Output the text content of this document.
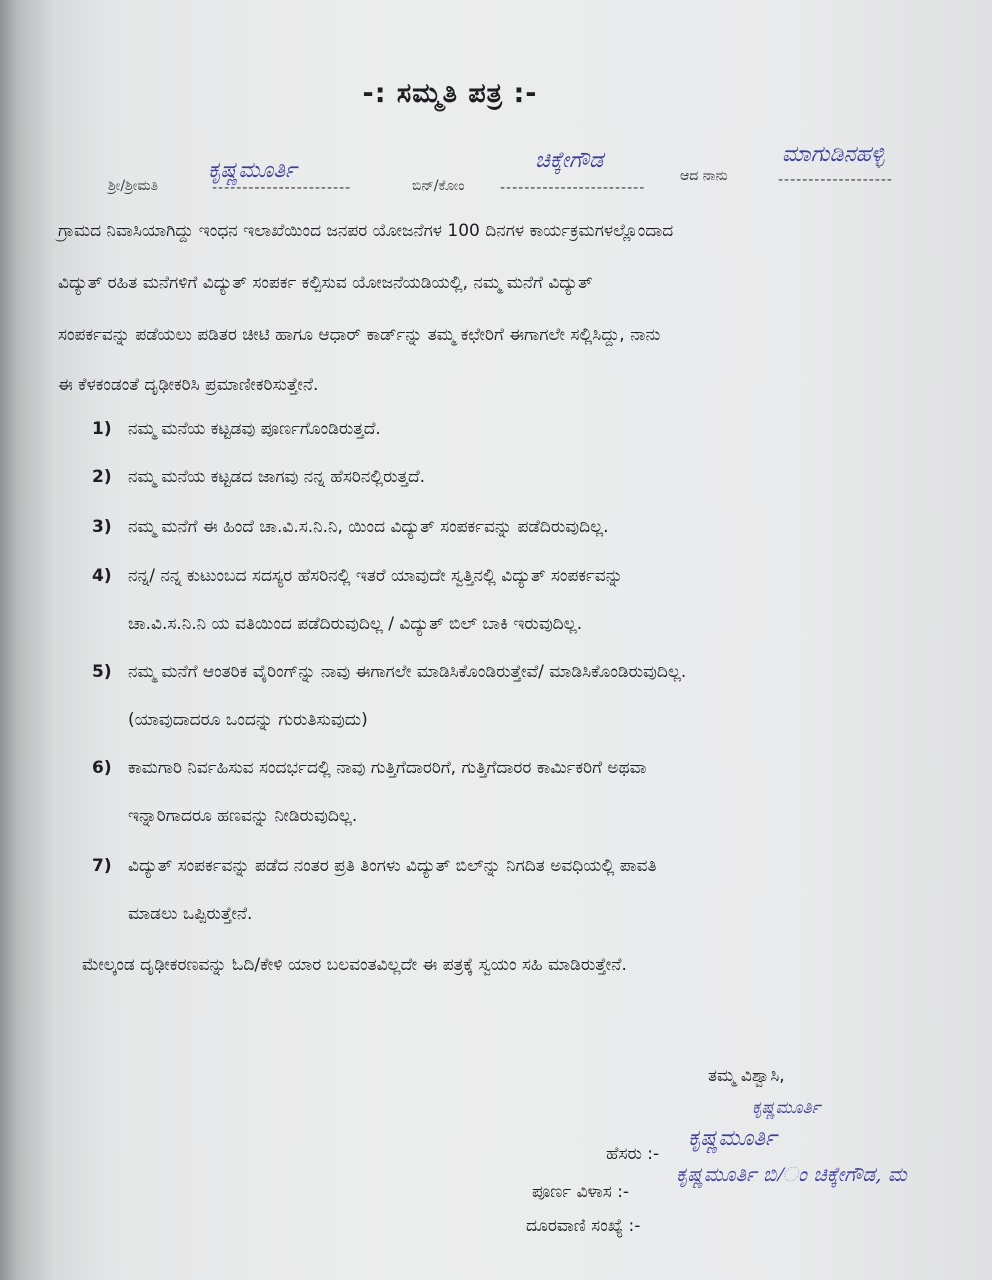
-: ಸಮ್ಮತಿ ಪತ್ರ :-
ಶ್ರೀ/ಶ್ರೀಮತಿ	-----------------------
ಕೃಷ್ಣಮೂರ್ತಿ
ಬಿನ್/ಕೋಂ	------------------------
ಚಿಕ್ಕೇಗೌಡ
ಆದ ನಾನು	-------------------
ಮಾಗುಡಿನಹಳ್ಳಿ
ಗ್ರಾಮದ ನಿವಾಸಿಯಾಗಿದ್ದು ಇಂಧನ ಇಲಾಖೆಯಿಂದ ಜನಪರ ಯೋಜನೆಗಳ 100 ದಿನಗಳ ಕಾರ್ಯಕ್ರಮಗಳಲ್ಲೊಂದಾದ
ವಿದ್ಯುತ್ ರಹಿತ ಮನೆಗಳಿಗೆ ವಿದ್ಯುತ್ ಸಂಪರ್ಕ ಕಲ್ಪಿಸುವ ಯೋಜನೆಯಡಿಯಲ್ಲಿ, ನಮ್ಮ ಮನೆಗೆ ವಿದ್ಯುತ್
ಸಂಪರ್ಕವನ್ನು ಪಡೆಯಲು ಪಡಿತರ ಚೀಟಿ ಹಾಗೂ ಆಧಾರ್ ಕಾರ್ಡ್‌ನ್ನು ತಮ್ಮ ಕಛೇರಿಗೆ ಈಗಾಗಲೇ ಸಲ್ಲಿಸಿದ್ದು, ನಾನು
ಈ ಕೆಳಕಂಡಂತೆ ದೃಢೀಕರಿಸಿ ಪ್ರಮಾಣೀಕರಿಸುತ್ತೇನೆ.
1) ನಮ್ಮ ಮನೆಯ ಕಟ್ಟಡವು ಪೂರ್ಣಗೊಂಡಿರುತ್ತದೆ.
2) ನಮ್ಮ ಮನೆಯ ಕಟ್ಟಡದ ಜಾಗವು ನನ್ನ ಹೆಸರಿನಲ್ಲಿರುತ್ತದೆ.
3) ನಮ್ಮ ಮನೆಗೆ ಈ ಹಿಂದೆ ಚಾ.ವಿ.ಸ.ನಿ.ನಿ, ಯಿಂದ ವಿದ್ಯುತ್ ಸಂಪರ್ಕವನ್ನು ಪಡೆದಿರುವುದಿಲ್ಲ.
4) ನನ್ನ/ ನನ್ನ ಕುಟುಂಬದ ಸದಸ್ಯರ ಹೆಸರಿನಲ್ಲಿ ಇತರೆ ಯಾವುದೇ ಸ್ವತ್ತಿನಲ್ಲಿ ವಿದ್ಯುತ್ ಸಂಪರ್ಕವನ್ನು
ಚಾ.ವಿ.ಸ.ನಿ.ನಿ ಯ ವತಿಯಿಂದ ಪಡೆದಿರುವುದಿಲ್ಲ / ವಿದ್ಯುತ್ ಬಿಲ್ ಬಾಕಿ ಇರುವುದಿಲ್ಲ.
5) ನಮ್ಮ ಮನೆಗೆ ಆಂತರಿಕ ವೈರಿಂಗ್‌ನ್ನು ನಾವು ಈಗಾಗಲೇ ಮಾಡಿಸಿಕೊಂಡಿರುತ್ತೇವೆ/ ಮಾಡಿಸಿಕೊಂಡಿರುವುದಿಲ್ಲ.
(ಯಾವುದಾದರೂ ಒಂದನ್ನು ಗುರುತಿಸುವುದು)
6) ಕಾಮಗಾರಿ ನಿರ್ವಹಿಸುವ ಸಂದರ್ಭದಲ್ಲಿ ನಾವು ಗುತ್ತಿಗೆದಾರರಿಗೆ, ಗುತ್ತಿಗೆದಾರರ ಕಾರ್ಮಿಕರಿಗೆ ಅಥವಾ
ಇನ್ನಾರಿಗಾದರೂ ಹಣವನ್ನು ನೀಡಿರುವುದಿಲ್ಲ.
7) ವಿದ್ಯುತ್ ಸಂಪರ್ಕವನ್ನು ಪಡೆದ ನಂತರ ಪ್ರತಿ ತಿಂಗಳು ವಿದ್ಯುತ್ ಬಿಲ್‌ನ್ನು ನಿಗದಿತ ಅವಧಿಯಲ್ಲಿ ಪಾವತಿ
ಮಾಡಲು ಒಪ್ಪಿರುತ್ತೇನೆ.
ಮೇಲ್ಕಂಡ ದೃಢೀಕರಣವನ್ನು ಓದಿ/ಕೇಳಿ ಯಾರ ಬಲವಂತವಿಲ್ಲದೇ ಈ ಪತ್ರಕ್ಕೆ ಸ್ವಯಂ ಸಹಿ ಮಾಡಿರುತ್ತೇನೆ.
ತಮ್ಮ ವಿಶ್ವಾಸಿ,
ಕೃಷ್ಣಮೂರ್ತಿ
ಹೆಸರು :-
ಕೃಷ್ಣಮೂರ್ತಿ
ಪೂರ್ಣ ವಿಳಾಸ :-
ಕೃಷ್ಣಮೂರ್ತಿ ಬಿ/ಂ ಚಿಕ್ಕೇಗೌಡ, ಮ
ದೂರವಾಣಿ ಸಂಖ್ಯೆ :-
